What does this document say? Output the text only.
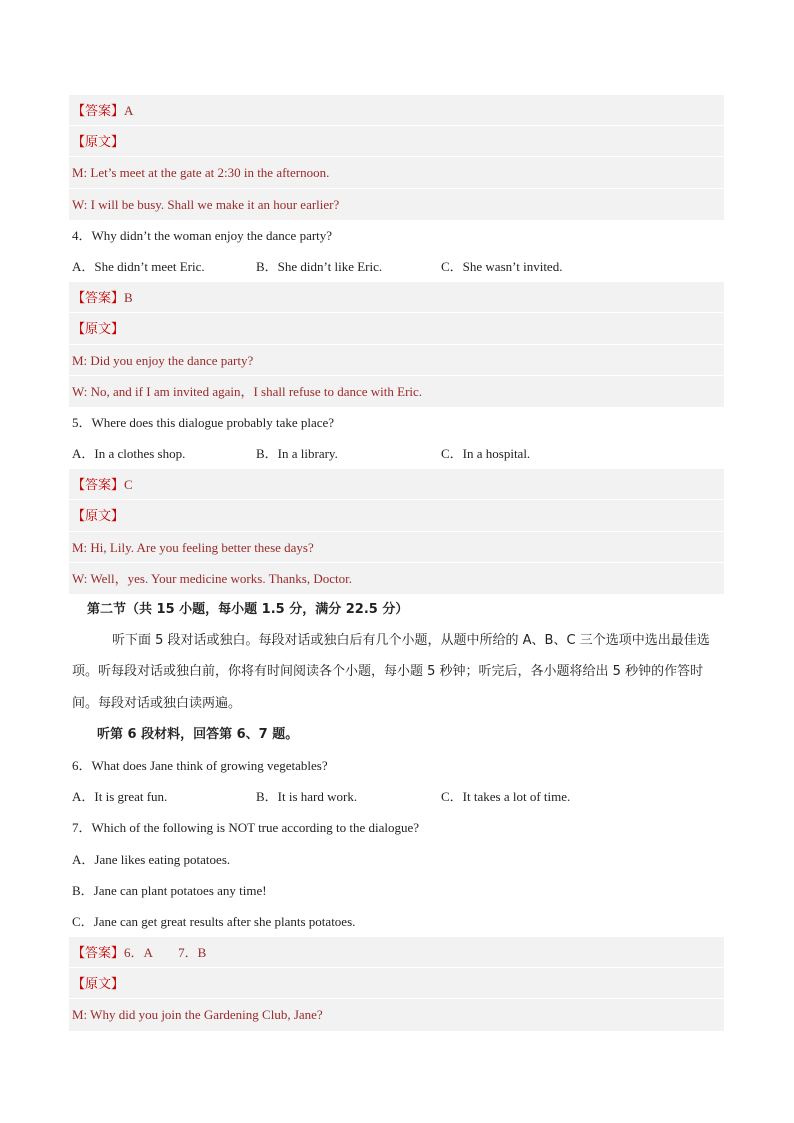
【答案】A
【原文】
M: Let’s meet at the gate at 2:30 in the afternoon.
W: I will be busy. Shall we make it an hour earlier?
4．Why didn’t the woman enjoy the dance party?
A．She didn’t meet Eric.	B．She didn’t like Eric.	C．She wasn’t invited.
【答案】B
【原文】
M: Did you enjoy the dance party?
W: No, and if I am invited again，I shall refuse to dance with Eric.
5．Where does this dialogue probably take place?
A．In a clothes shop.	B．In a library.	C．In a hospital.
【答案】C
【原文】
M: Hi, Lily. Are you feeling better these days?
W: Well，yes. Your medicine works. Thanks, Doctor.
第二节（共 15 小题，每小题 1.5 分，满分 22.5 分）
听下面 5 段对话或独白。每段对话或独白后有几个小题，从题中所给的 A、B、C 三个选项中选出最佳选项。听每段对话或独白前，你将有时间阅读各个小题，每小题 5 秒钟；听完后，各小题将给出 5 秒钟的作答时间。每段对话或独白读两遍。
听第 6 段材料，回答第 6、7 题。
6．What does Jane think of growing vegetables?
A．It is great fun.	B．It is hard work.	C．It takes a lot of time.
7．Which of the following is NOT true according to the dialogue?
A．Jane likes eating potatoes.
B．Jane can plant potatoes any time!
C．Jane can get great results after she plants potatoes.
【答案】6．A　　7．B
【原文】
M: Why did you join the Gardening Club, Jane?
